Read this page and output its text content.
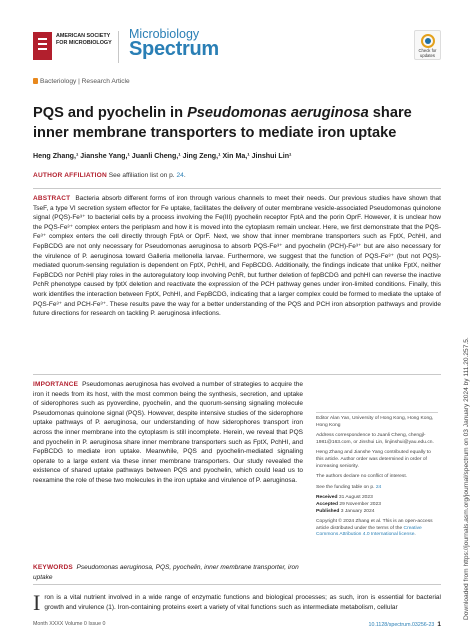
AMERICAN SOCIETY FOR MICROBIOLOGY
Microbiology
Spectrum	Check for updates
Bacteriology | Research Article
PQS and pyochelin in Pseudomonas aeruginosa share inner membrane transporters to mediate iron uptake
Heng Zhang,¹ Jianshe Yang,¹ Juanli Cheng,¹ Jing Zeng,¹ Xin Ma,¹ Jinshui Lin¹
AUTHOR AFFILIATION See affiliation list on p. 24.
ABSTRACT Bacteria absorb different forms of iron through various channels to meet their needs. Our previous studies have shown that TseF, a type VI secretion system effector for Fe uptake, facilitates the delivery of outer membrane vesicle-associated Pseudomonas quinolone signal (PQS)-Fe³⁺ to bacterial cells by a process involving the Fe(III) pyochelin receptor FptA and the porin OprF. However, it is unclear how the PQS-Fe³⁺ complex enters the periplasm and how it is moved into the cytoplasm remain unclear. Here, we first demonstrate that the PQS-Fe³⁺ complex enters the cell directly through FptA or OprF. Next, we show that inner membrane transporters such as FptX, PchHI, and FepBCDG are not only necessary for Pseudomonas aeruginosa to absorb PQS-Fe³⁺ and pyochelin (PCH)-Fe³⁺ but are also necessary for the virulence of P. aeruginosa toward Galleria mellonella larvae. Furthermore, we suggest that the function of PQS-Fe³⁺ (but not PQS)-mediated quorum-sensing regulation is dependent on FptX, PchHI, and FepBCDG. Additionally, the findings indicate that unlike FptX, neither FepBCDG nor PchHI play roles in the autoregulatory loop involving PchR, but further deletion of fepBCDG and pchHI can reverse the inactive PchR phenotype caused by fptX deletion and reactivate the expression of the PCH pathway genes under iron-limited conditions. Finally, this work identifies the interaction between FptX, PchHI, and FepBCDG, indicating that a larger complex could be formed to mediate the uptake of PQS-Fe³⁺ and PCH-Fe³⁺. These results pave the way for a better understanding of the PQS and PCH iron absorption pathways and provide future directions for research on tackling P. aeruginosa infections.
IMPORTANCE Pseudomonas aeruginosa has evolved a number of strategies to acquire the iron it needs from its host, with the most common being the synthesis, secretion, and uptake of siderophores such as pyoverdine, pyochelin, and the quorum-sensing signaling molecule Pseudomonas quinolone signal (PQS). However, despite intensive studies of the siderophore uptake pathways of P. aeruginosa, our understanding of how siderophores transport iron across the inner membrane into the cytoplasm is still incomplete. Herein, we reveal that PQS and pyochelin in P. aeruginosa share inner membrane transporters such as FptX, PchHI, and FepBCDG to mediate iron uptake. Meanwhile, PQS and pyochelin-mediated signaling operate to a large extent via these inner membrane transporters. Our study revealed the existence of shared uptake pathways between PQS and pyochelin, which could lead us to reexamine the role of these two molecules in the iron uptake and virulence of P. aeruginosa.
KEYWORDS Pseudomonas aeruginosa, PQS, pyochelin, inner membrane transporter, iron uptake

Editor Alan Yan, University of Hong Kong, Hong Kong, Hong Kong

Address correspondence to Juanli Cheng, chengjl-1981@163.com, or Jinshui Lin, linjinshui@yau.edu.cn.

Heng Zhang and Jianshe Yang contributed equally to this article. Author order was determined in order of increasing seniority.

The authors declare no conflict of interest.

See the funding table on p. 24

Received 31 August 2023
Accepted 29 November 2023
Published 3 January 2024

Copyright © 2024 Zhang et al. This is an open-access article distributed under the terms of the Creative Commons Attribution 4.0 International license.

Iron is a vital nutrient involved in a wide range of enzymatic functions and biological processes; as such, iron is essential for bacterial growth and virulence (1). Iron-containing proteins exert a variety of vital functions such as intermediate metabolism, cellular
Month XXXX Volume 0 Issue 0	10.1128/spectrum.03256-23 1
Downloaded from https://journals.asm.org/journal/spectrum on 03 January 2024 by 111.20.257.5.
